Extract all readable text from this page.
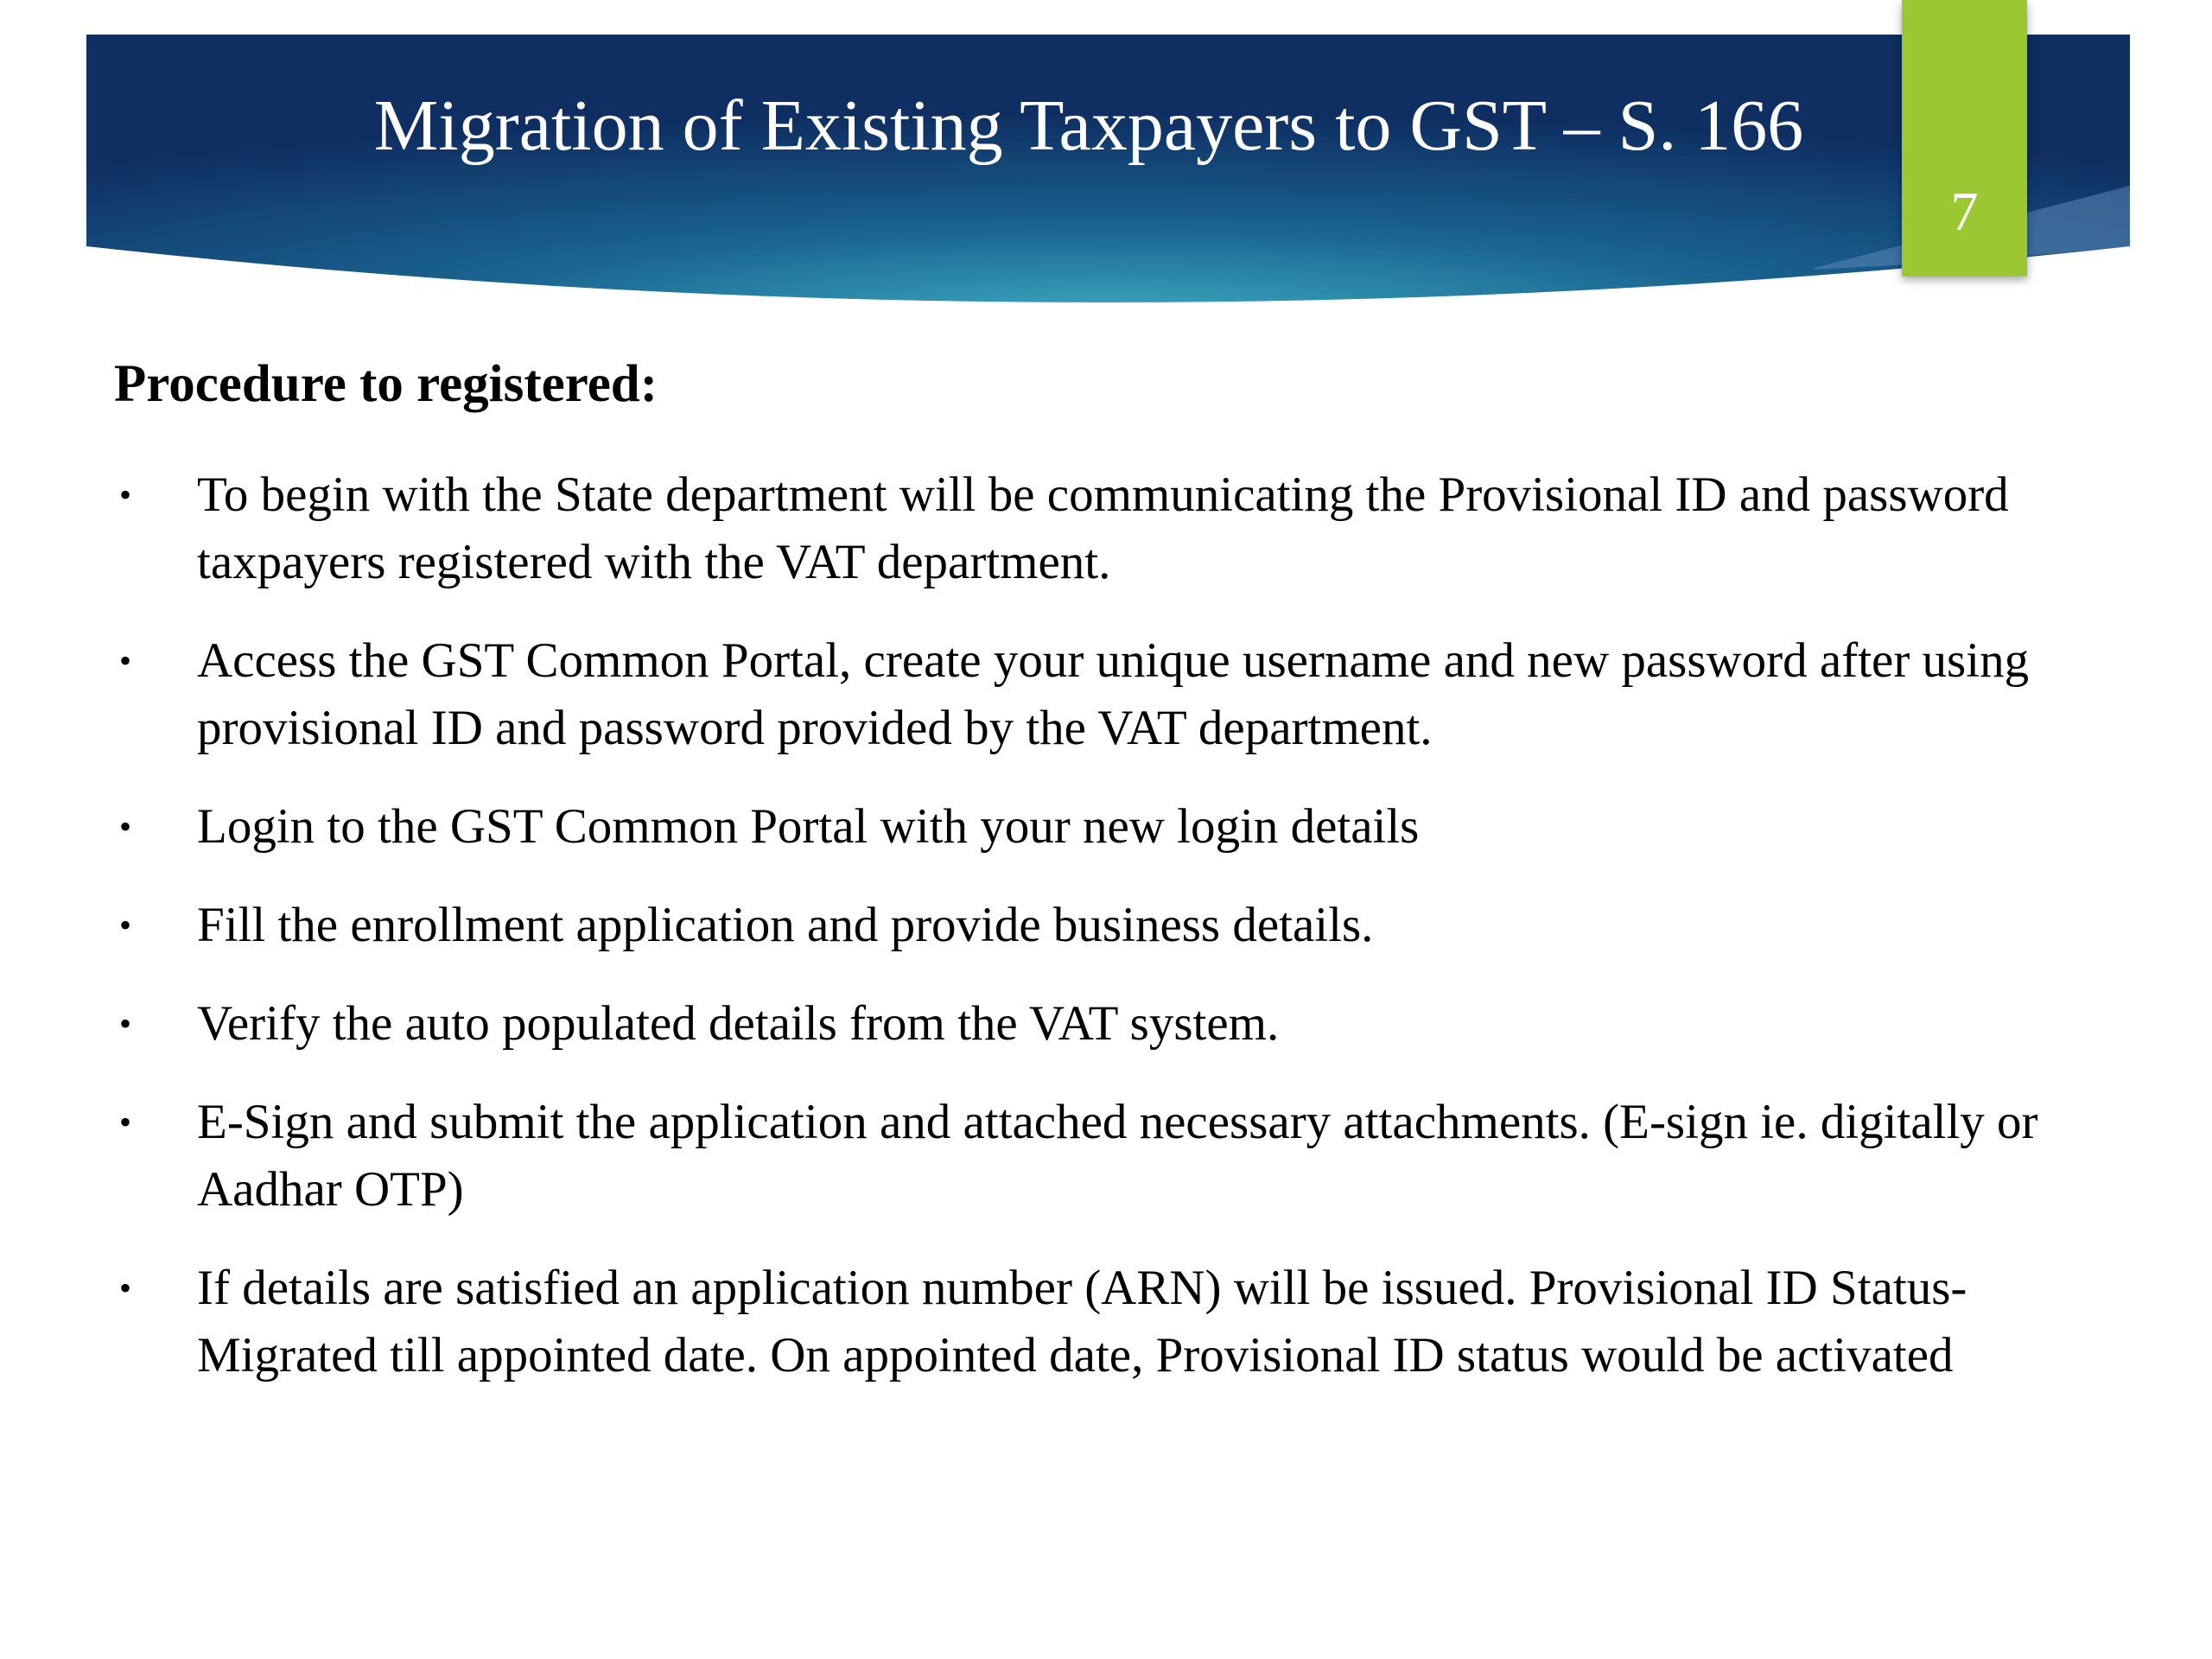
Migration of Existing Taxpayers to GST – S. 166
7
Procedure to registered:
•	To begin with the State department will be communicating the Provisional ID and password taxpayers registered with the VAT department.
•	Access the GST Common Portal, create your unique username and new password after using provisional ID and password provided by the VAT department.
•	Login to the GST Common Portal with your new login details
•	Fill the enrollment application and provide business details.
•	Verify the auto populated details from the VAT system.
•	E-Sign and submit the application and attached necessary attachments. (E-sign ie. digitally or Aadhar OTP)
•	If details are satisfied an application number (ARN) will be issued. Provisional ID Status- Migrated till appointed date. On appointed date, Provisional ID status would be activated
